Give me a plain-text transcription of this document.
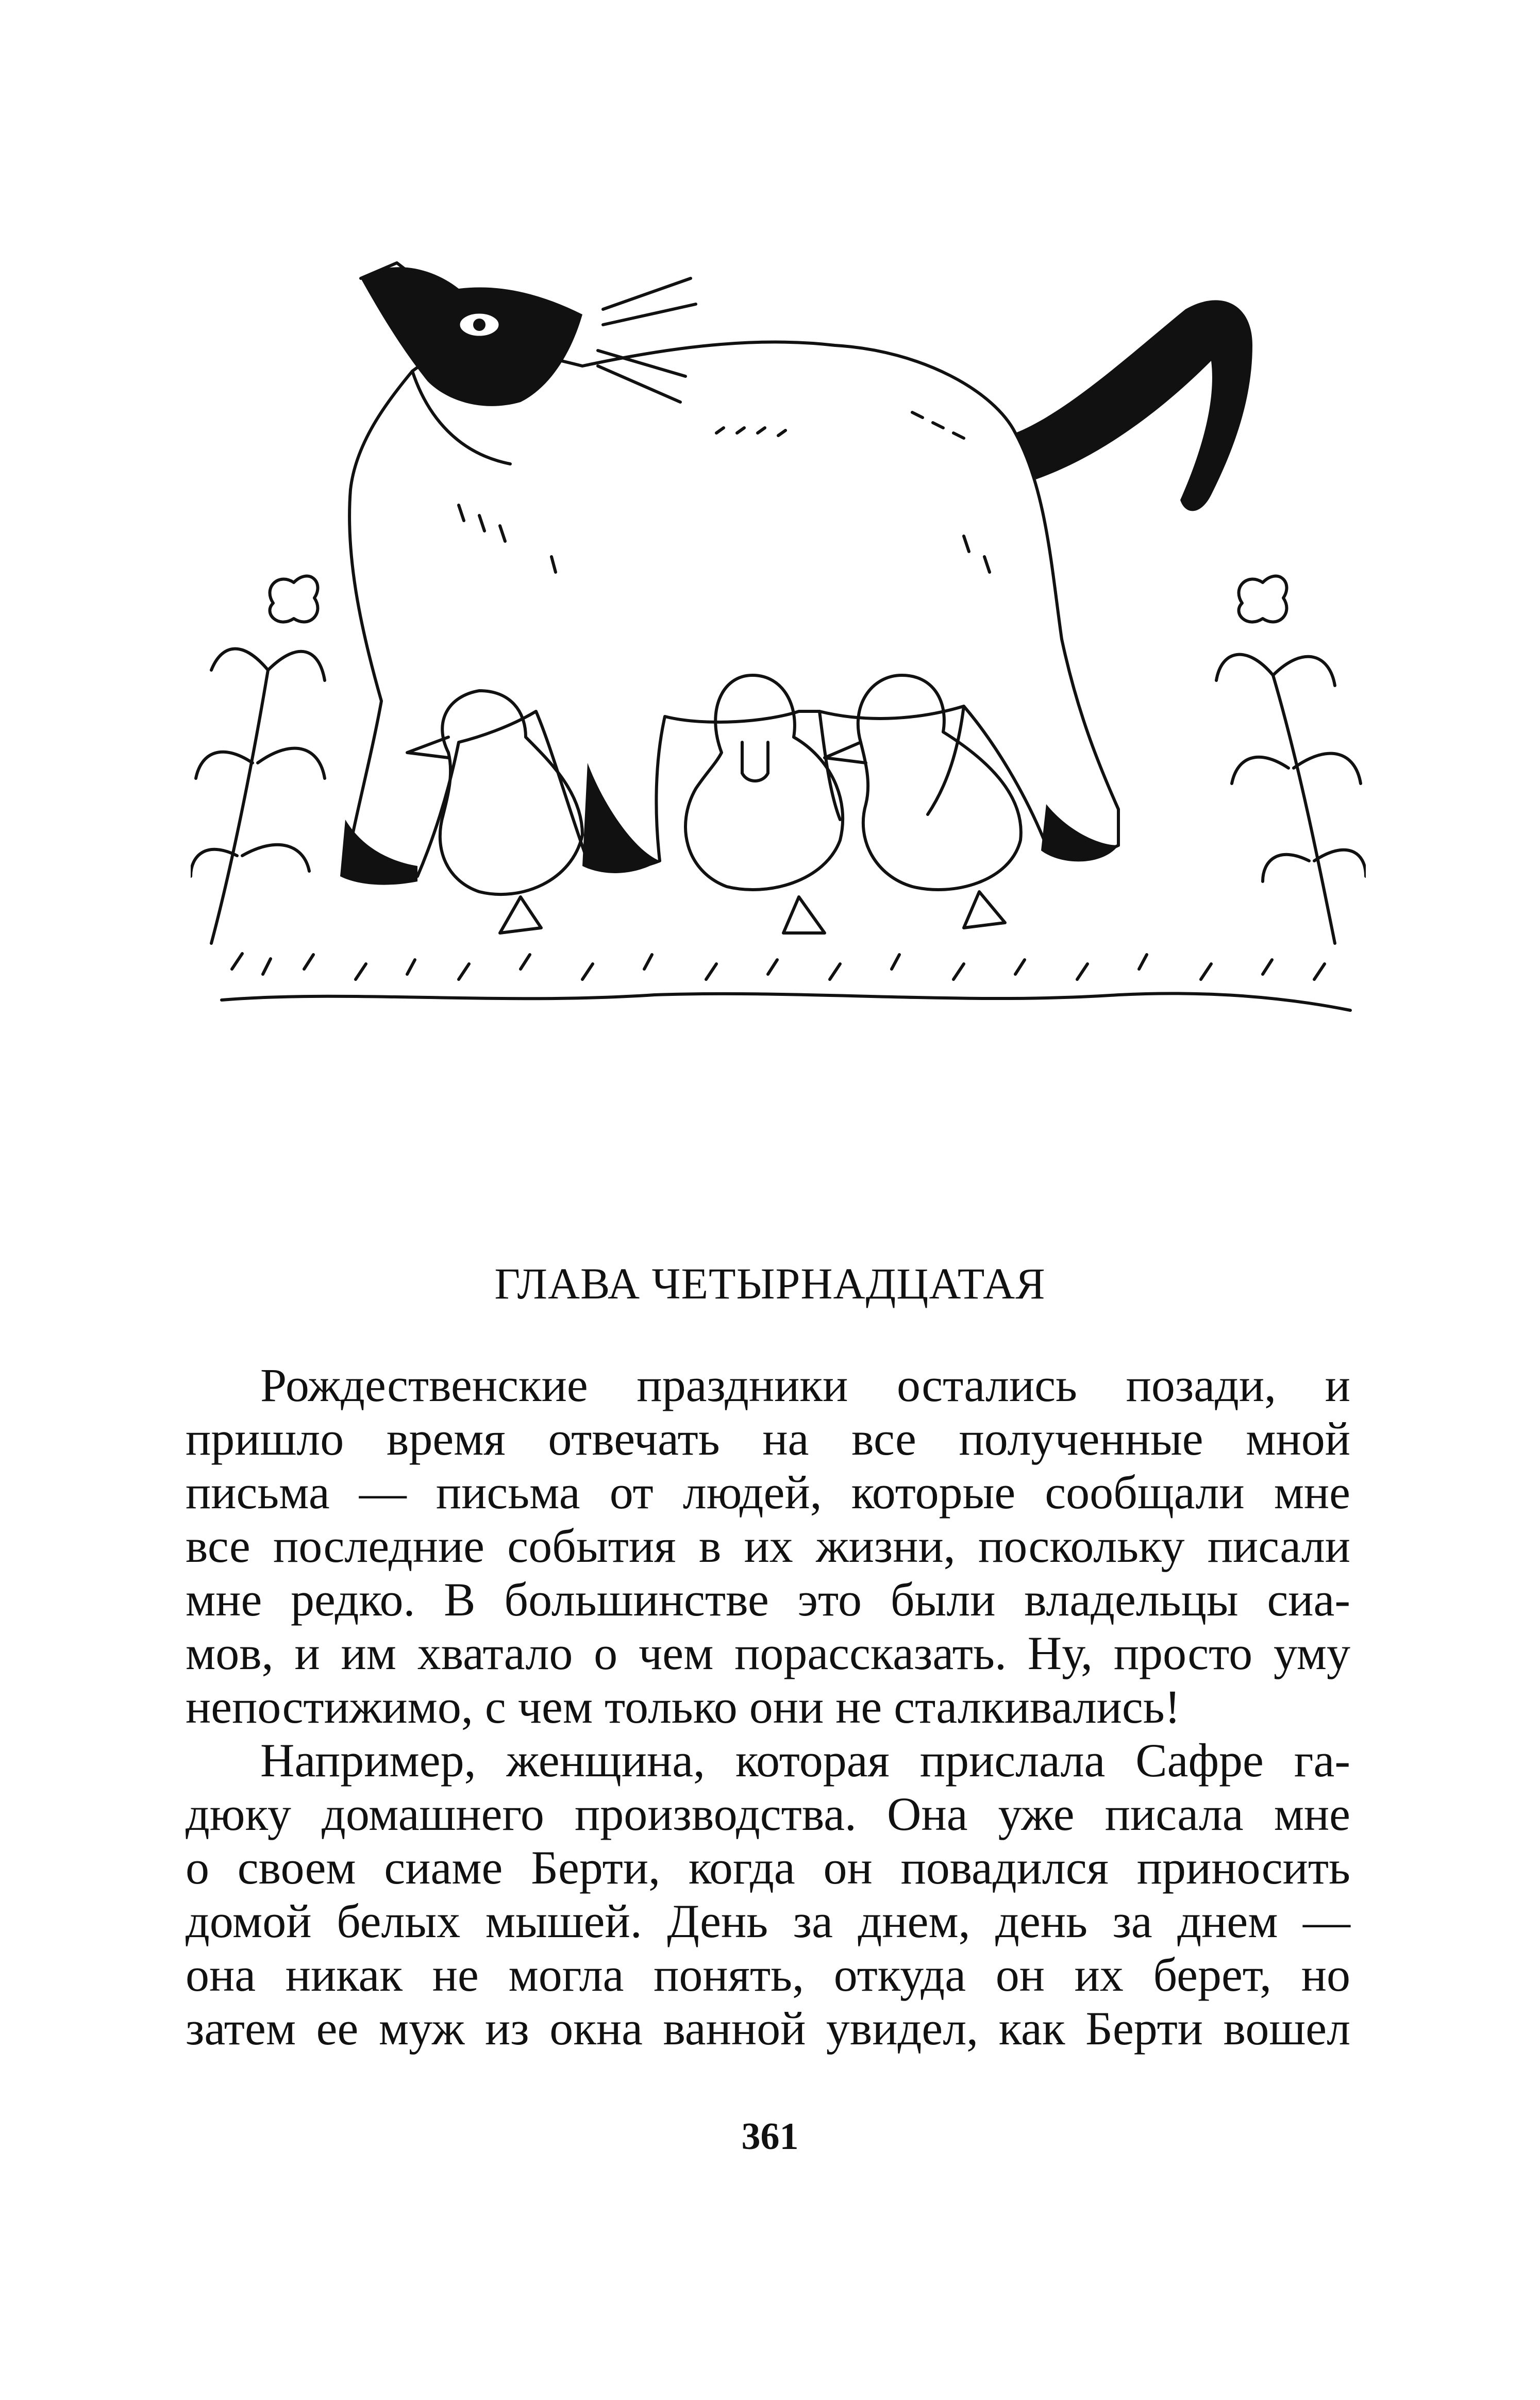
ГЛАВА ЧЕТЫРНАДЦАТАЯ
Рождественские праздники остались позади, и
пришло время отвечать на все полученные мной
письма — письма от людей, которые сообщали мне
все последние события в их жизни, поскольку писали
мне редко. В большинстве это были владельцы сиа-
мов, и им хватало о чем порассказать. Ну, просто уму
непостижимо, с чем только они не сталкивались!
Например, женщина, которая прислала Сафре га-
дюку домашнего производства. Она уже писала мне
о своем сиаме Берти, когда он повадился приносить
домой белых мышей. День за днем, день за днем —
она никак не могла понять, откуда он их берет, но
затем ее муж из окна ванной увидел, как Берти вошел
361
